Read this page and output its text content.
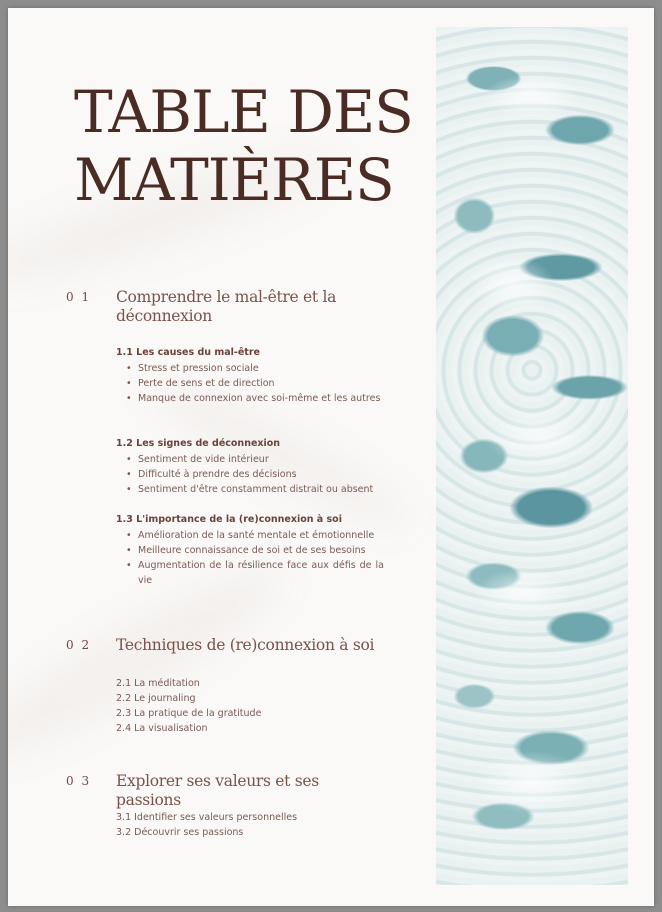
TABLE DES
MATIÈRES
0 1 Comprendre le mal-être et la déconnexion
1.1 Les causes du mal-être
• Stress et pression sociale
• Perte de sens et de direction
• Manque de connexion avec soi-même et les autres
1.2 Les signes de déconnexion
• Sentiment de vide intérieur
• Difficulté à prendre des décisions
• Sentiment d'être constamment distrait ou absent
1.3 L'importance de la (re)connexion à soi
• Amélioration de la santé mentale et émotionnelle
• Meilleure connaissance de soi et de ses besoins
• Augmentation de la résilience face aux défis de la vie
0 2 Techniques de (re)connexion à soi
2.1 La méditation
2.2 Le journaling
2.3 La pratique de la gratitude
2.4 La visualisation
0 3 Explorer ses valeurs et ses passions
3.1 Identifier ses valeurs personnelles
3.2 Découvrir ses passions
